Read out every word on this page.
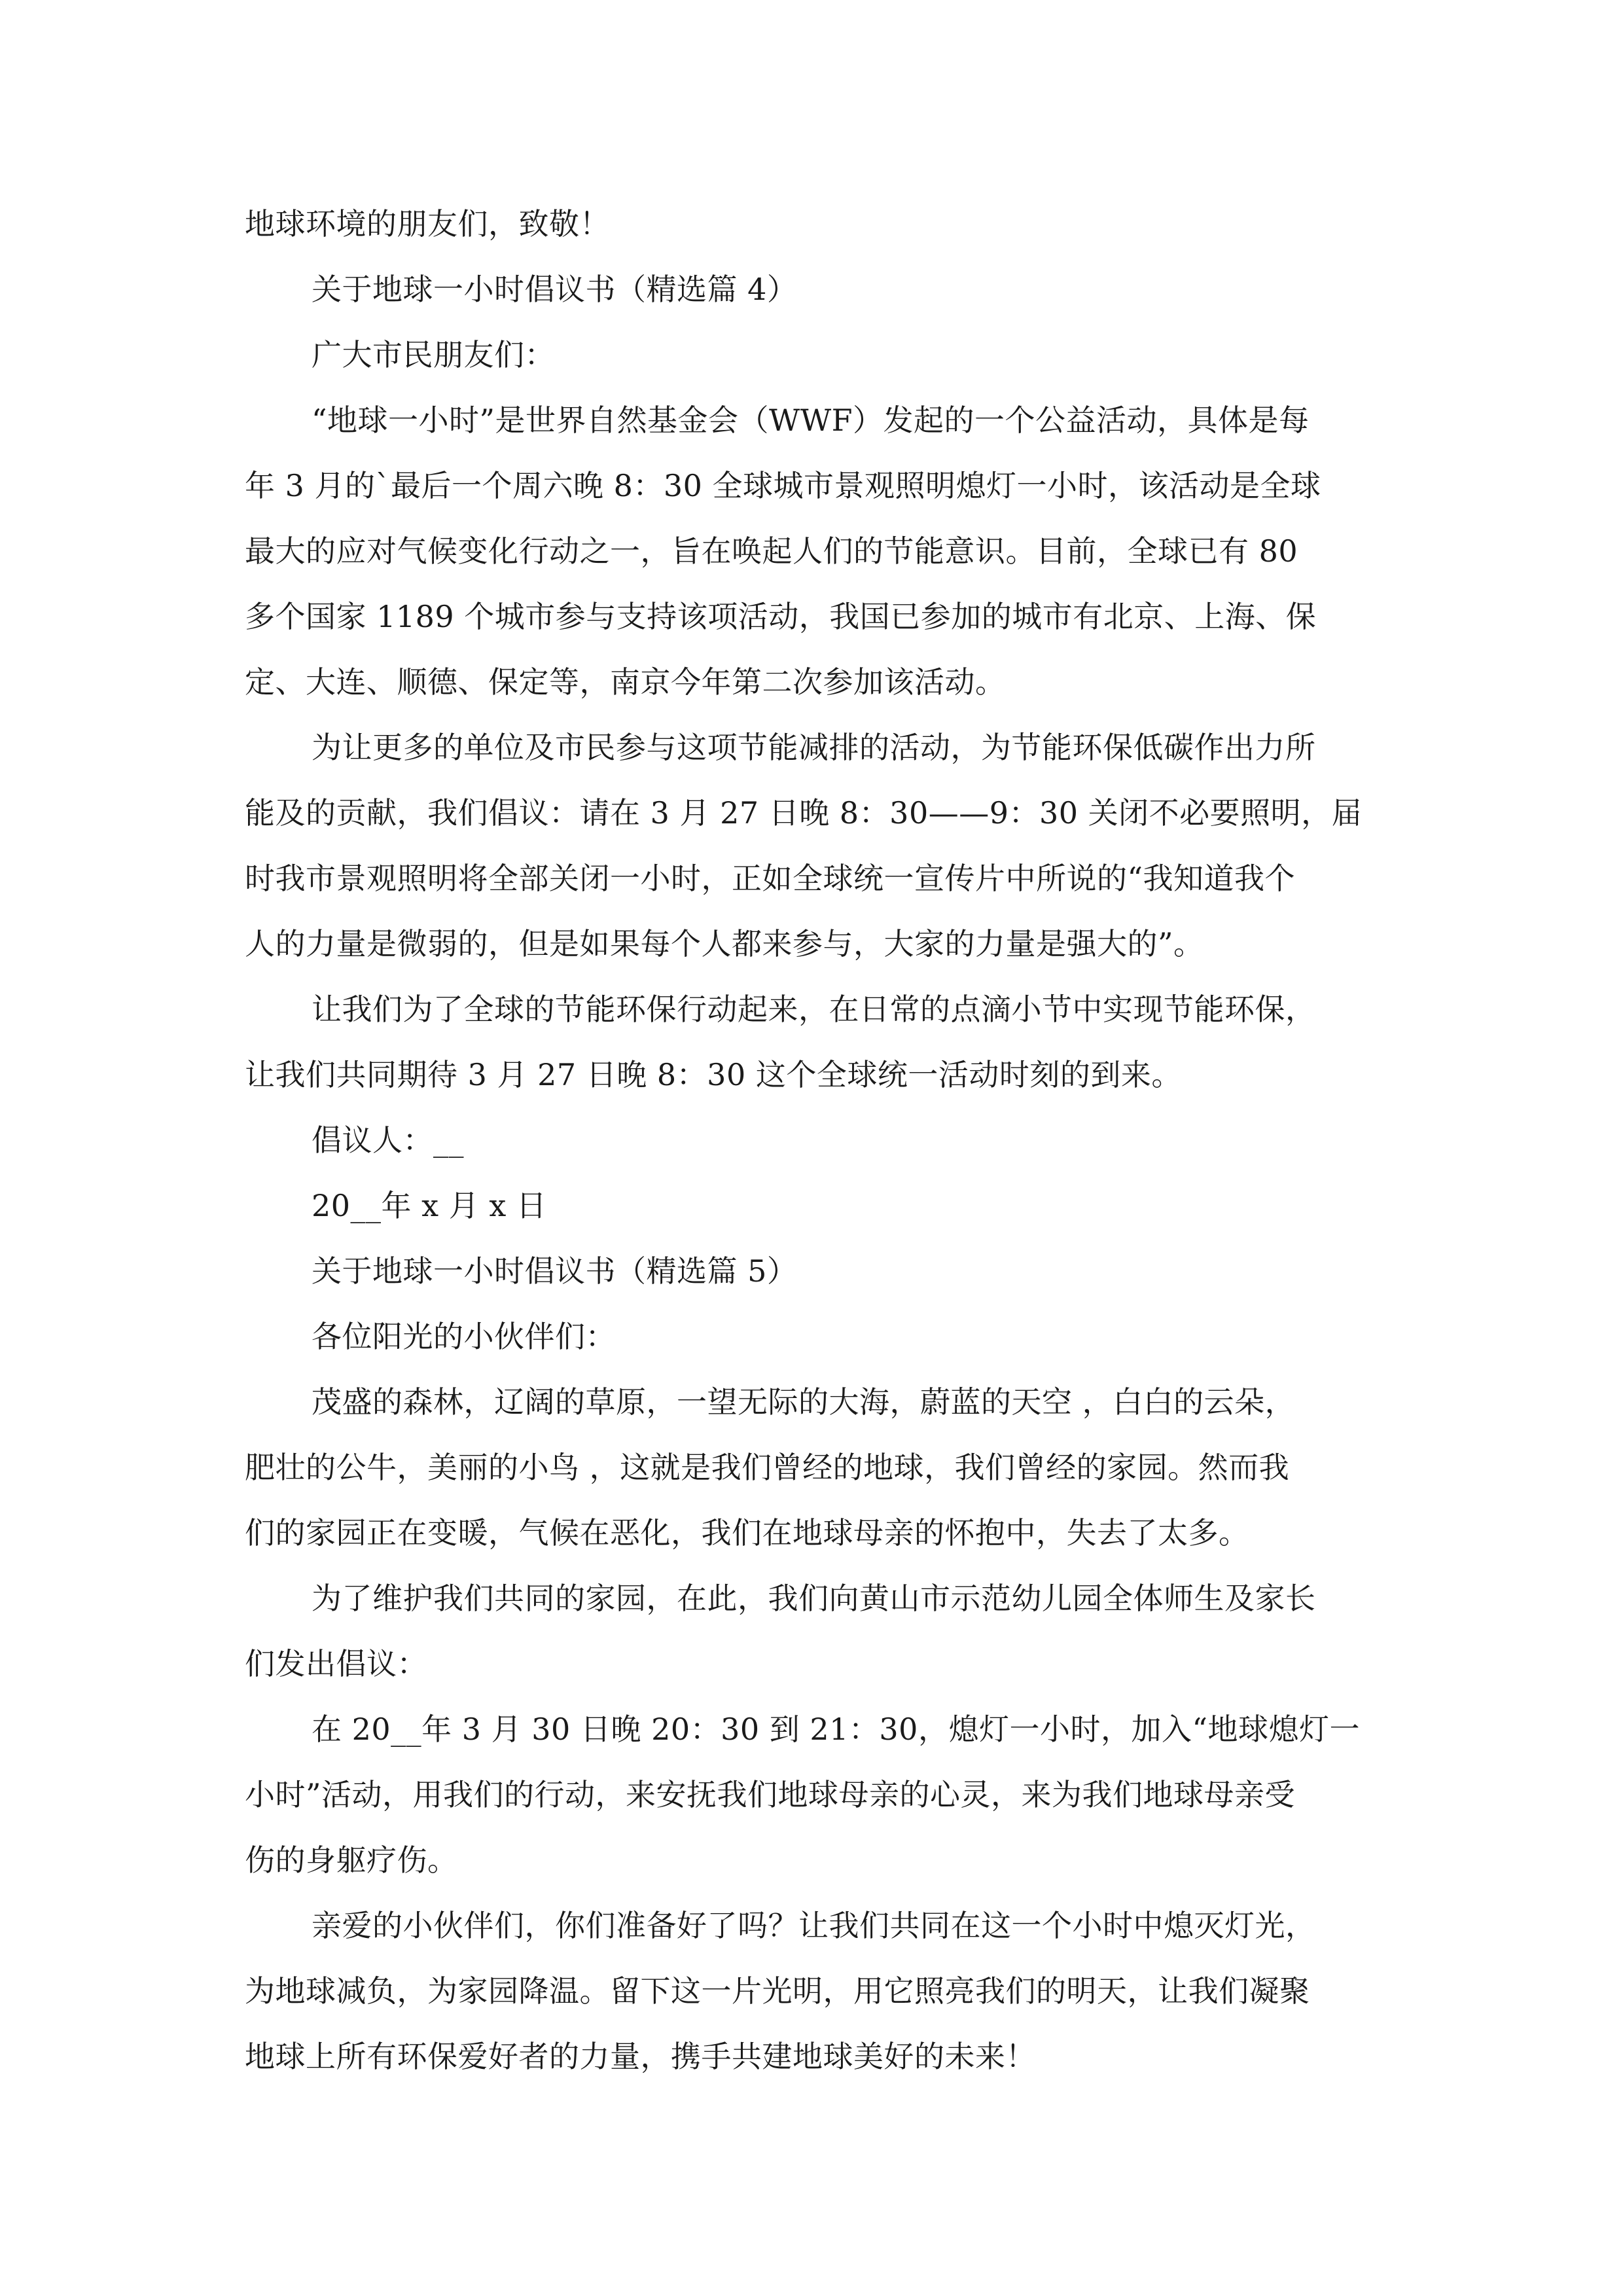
地球环境的朋友们，致敬！
关于地球一小时倡议书（精选篇 4）
广大市民朋友们：
“地球一小时”是世界自然基金会（WWF）发起的一个公益活动，具体是每
年 3 月的`最后一个周六晚 8：30 全球城市景观照明熄灯一小时，该活动是全球
最大的应对气候变化行动之一，旨在唤起人们的节能意识。目前，全球已有 80
多个国家 1189 个城市参与支持该项活动，我国已参加的城市有北京、上海、保
定、大连、顺德、保定等，南京今年第二次参加该活动。
为让更多的单位及市民参与这项节能减排的活动，为节能环保低碳作出力所
能及的贡献，我们倡议：请在 3 月 27 日晚 8：30——9：30 关闭不必要照明，届
时我市景观照明将全部关闭一小时，正如全球统一宣传片中所说的“我知道我个
人的力量是微弱的，但是如果每个人都来参与，大家的力量是强大的”。
让我们为了全球的节能环保行动起来，在日常的点滴小节中实现节能环保，
让我们共同期待 3 月 27 日晚 8：30 这个全球统一活动时刻的到来。
倡议人：__
20__年 x 月 x 日
关于地球一小时倡议书（精选篇 5）
各位阳光的小伙伴们：
茂盛的森林，辽阔的草原，一望无际的大海，蔚蓝的天空 ，白白的云朵，
肥壮的公牛，美丽的小鸟 ，这就是我们曾经的地球，我们曾经的家园。然而我
们的家园正在变暖，气候在恶化，我们在地球母亲的怀抱中，失去了太多。
为了维护我们共同的家园，在此，我们向黄山市示范幼儿园全体师生及家长
们发出倡议：
在 20__年 3 月 30 日晚 20：30 到 21：30，熄灯一小时，加入“地球熄灯一
小时”活动，用我们的行动，来安抚我们地球母亲的心灵，来为我们地球母亲受
伤的身躯疗伤。
亲爱的小伙伴们，你们准备好了吗？让我们共同在这一个小时中熄灭灯光，
为地球减负，为家园降温。留下这一片光明，用它照亮我们的明天，让我们凝聚
地球上所有环保爱好者的力量，携手共建地球美好的未来！
